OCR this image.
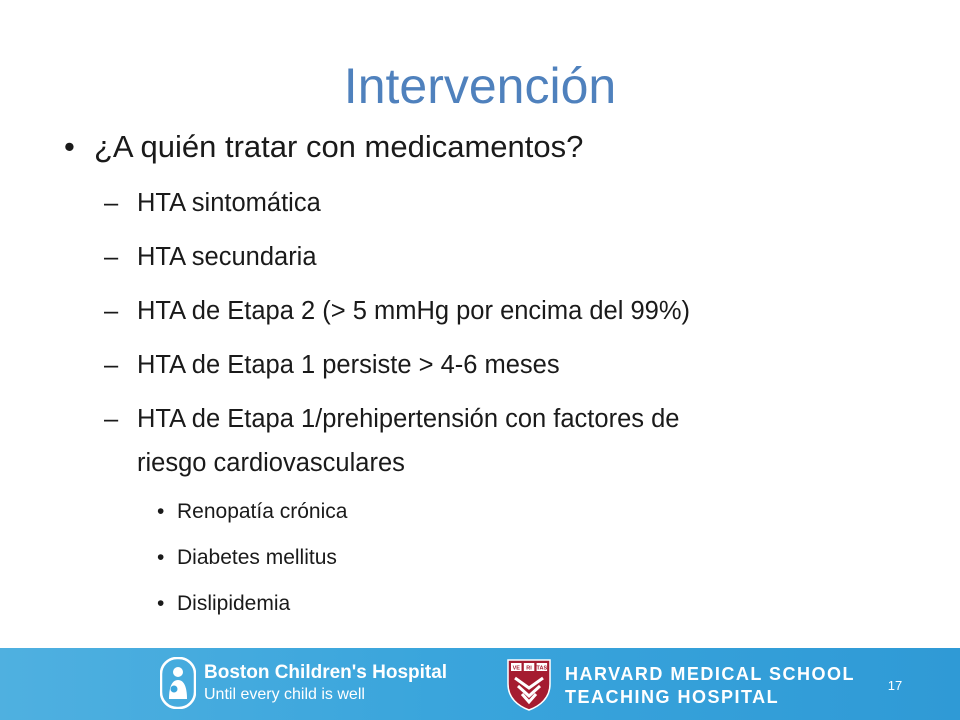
Intervención
• ¿A quién tratar con medicamentos?
– HTA sintomática
– HTA secundaria
– HTA de Etapa 2 (> 5 mmHg por encima del 99%)
– HTA de Etapa 1 persiste > 4-6 meses
– HTA de Etapa 1/prehipertensión con factores de
riesgo cardiovasculares
• Renopatía crónica
• Diabetes mellitus
• Dislipidemia
Boston Children's Hospital
Until every child is well
VE RI TAS HARVARD MEDICAL SCHOOL
TEACHING HOSPITAL
17
